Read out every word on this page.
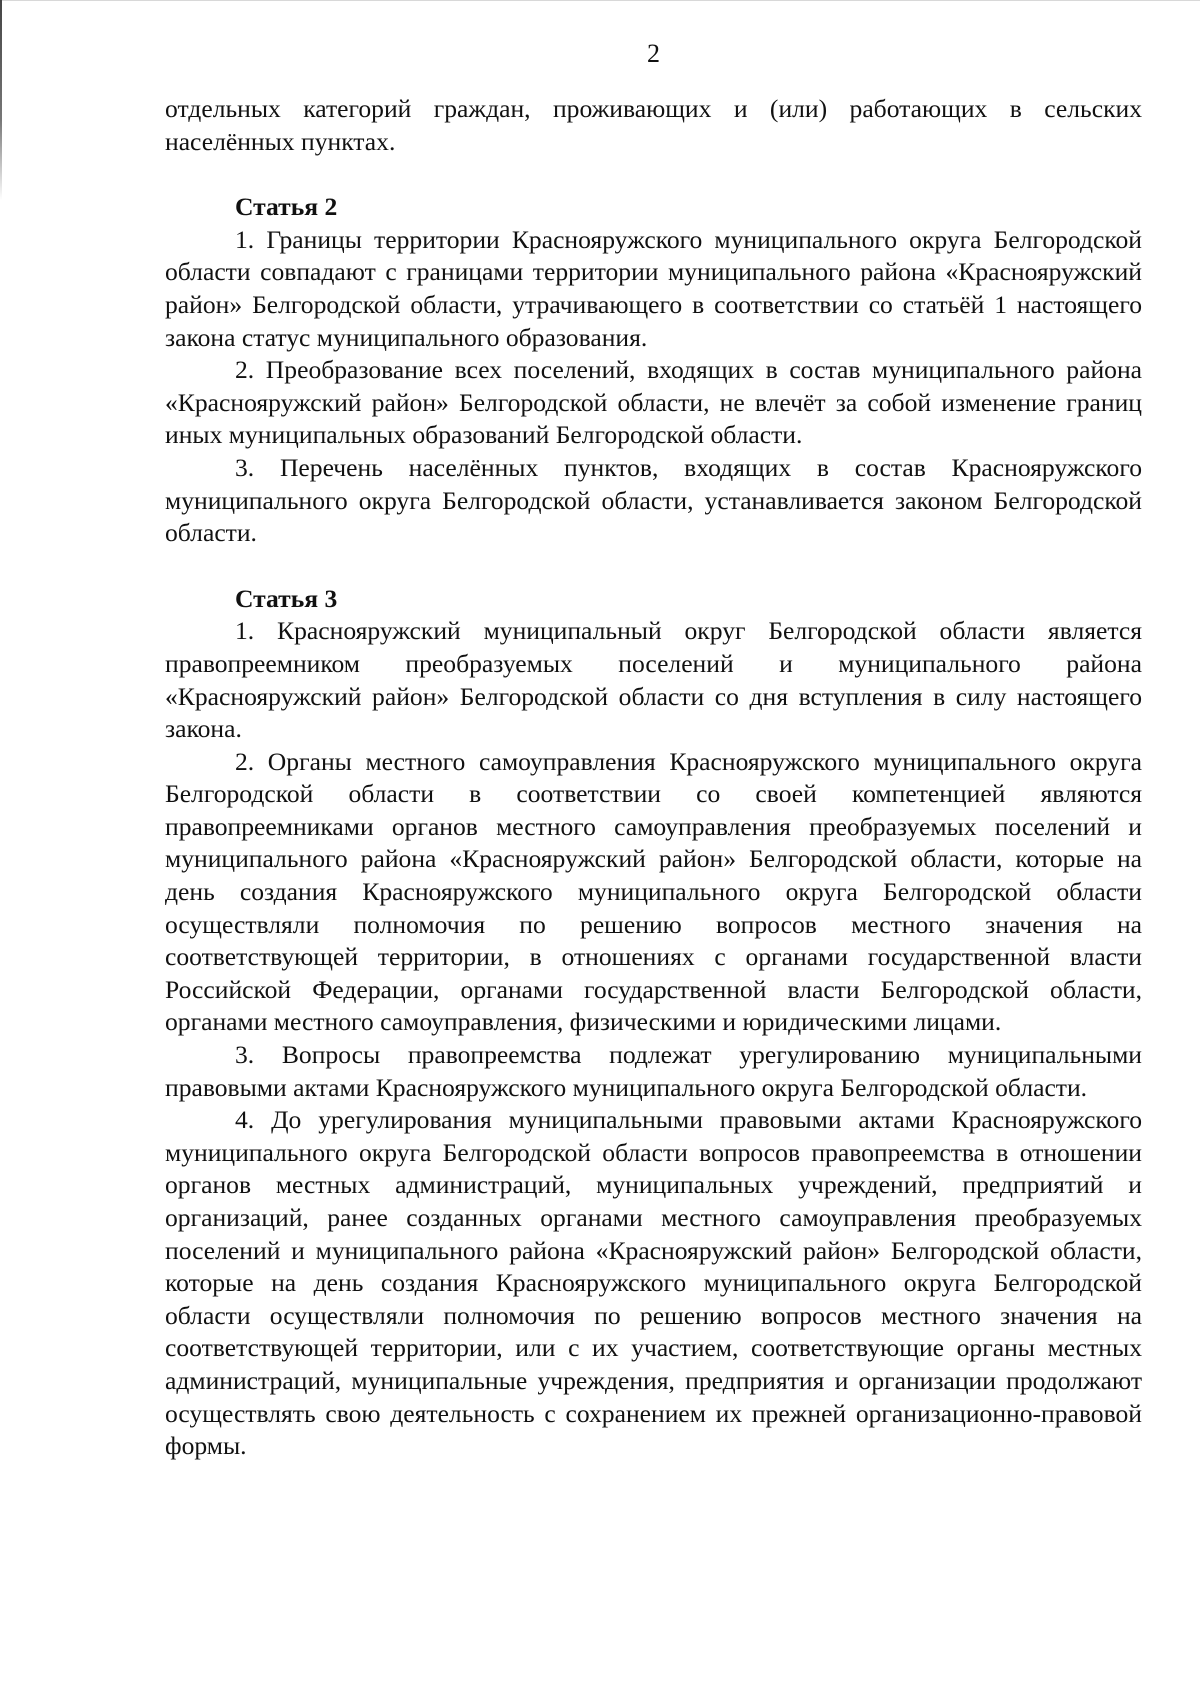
2

отдельных категорий граждан, проживающих и (или) работающих в сельских населённых пунктах.

Статья 2

1. Границы территории Краснояружского муниципального округа Белгородской области совпадают с границами территории муниципального района «Краснояружский район» Белгородской области, утрачивающего в соответствии со статьёй 1 настоящего закона статус муниципального образования.

2. Преобразование всех поселений, входящих в состав муниципального района «Краснояружский район» Белгородской области, не влечёт за собой изменение границ иных муниципальных образований Белгородской области.

3. Перечень населённых пунктов, входящих в состав Краснояружского муниципального округа Белгородской области, устанавливается законом Белгородской области.

Статья 3

1. Краснояружский муниципальный округ Белгородской области является правопреемником преобразуемых поселений и муниципального района «Краснояружский район» Белгородской области со дня вступления в силу настоящего закона.

2. Органы местного самоуправления Краснояружского муниципального округа Белгородской области в соответствии со своей компетенцией являются правопреемниками органов местного самоуправления преобразуемых поселений и муниципального района «Краснояружский район» Белгородской области, которые на день создания Краснояружского муниципального округа Белгородской области осуществляли полномочия по решению вопросов местного значения на соответствующей территории, в отношениях с органами государственной власти Российской Федерации, органами государственной власти Белгородской области, органами местного самоуправления, физическими и юридическими лицами.

3. Вопросы правопреемства подлежат урегулированию муниципальными правовыми актами Краснояружского муниципального округа Белгородской области.

4. До урегулирования муниципальными правовыми актами Краснояружского муниципального округа Белгородской области вопросов правопреемства в отношении органов местных администраций, муниципальных учреждений, предприятий и организаций, ранее созданных органами местного самоуправления преобразуемых поселений и муниципального района «Краснояружский район» Белгородской области, которые на день создания Краснояружского муниципального округа Белгородской области осуществляли полномочия по решению вопросов местного значения на соответствующей территории, или с их участием, соответствующие органы местных администраций, муниципальные учреждения, предприятия и организации продолжают осуществлять свою деятельность с сохранением их прежней организационно-правовой формы.
